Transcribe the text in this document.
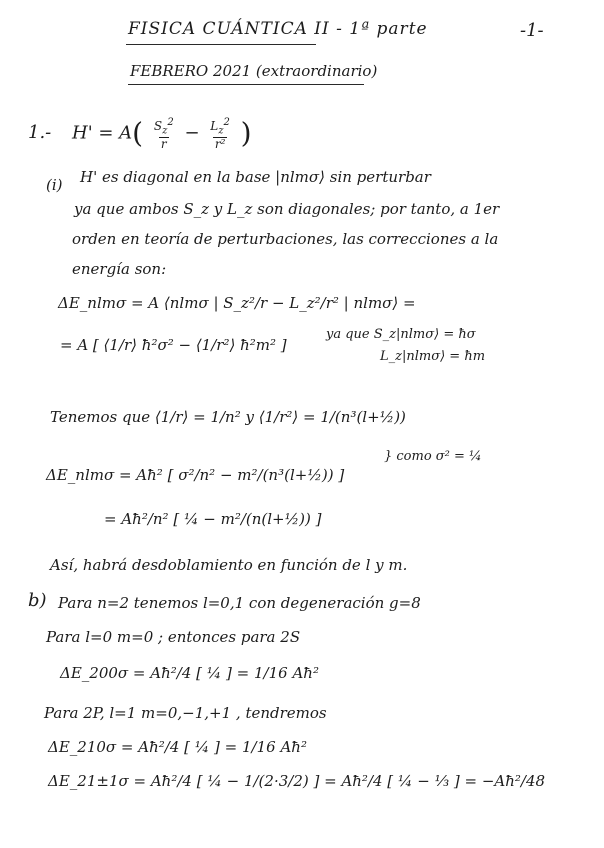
FISICA CUÁNTICA II - 1ª parte	-1-
FEBRERO 2021 (extraordinario)
1.- $H' = A( \frac{S_z^2}{r} - \frac{L_z^2}{\text{r²}}$ )
(i) H' es diagonal en la base |nlmσ⟩ sin perturbar
ya que ambos S_z y L_z son diagonales; por tanto, a 1er
orden en teoría de perturbaciones, las correcciones a la
energía son:
ΔE_nlmσ = A ⟨nlmσ | S_z²/r − L_z²/r² | nlmσ⟩ =
= A [ ⟨1/r⟩ ħ²σ² − ⟨1/r²⟩ ħ²m² ]
ya que S_z|nlmσ⟩ = ħσ
L_z|nlmσ⟩ = ħm
Tenemos que ⟨1/r⟩ = 1/n² y ⟨1/r²⟩ = 1/(n³(l+½))
ΔE_nlmσ = Aħ² [ σ²/n² − m²/(n³(l+½)) ]
} como σ² = ¼
= Aħ²/n² [ ¼ − m²/(n(l+½)) ]
Así, habrá desdoblamiento en función de l y m.
b) Para n=2 tenemos l=0,1 con degeneración g=8
Para l=0 m=0 ; entonces para 2S
ΔE_200σ = Aħ²/4 [ ¼ ] = 1/16 Aħ²
Para 2P, l=1 m=0,−1,+1 , tendremos
ΔE_210σ = Aħ²/4 [ ¼ ] = 1/16 Aħ²
ΔE_21±1σ = Aħ²/4 [ ¼ − 1/(2·3/2) ] = Aħ²/4 [ ¼ − ⅓ ] = −Aħ²/48
